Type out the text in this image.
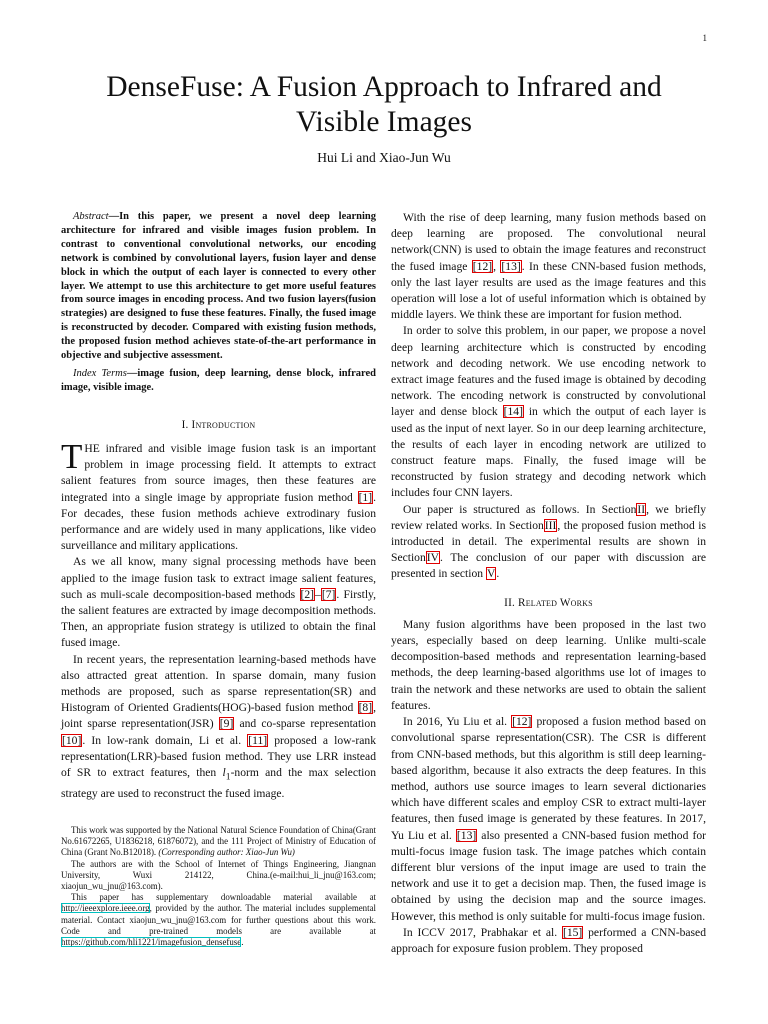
1
DenseFuse: A Fusion Approach to Infrared and
Visible Images
Hui Li and Xiao-Jun Wu

Abstract—In this paper, we present a novel deep learning architecture for infrared and visible images fusion problem. In contrast to conventional convolutional networks, our encoding network is combined by convolutional layers, fusion layer and dense block in which the output of each layer is connected to every other layer. We attempt to use this architecture to get more useful features from source images in encoding process. And two fusion layers(fusion strategies) are designed to fuse these features. Finally, the fused image is reconstructed by decoder. Compared with existing fusion methods, the proposed fusion method achieves state-of-the-art performance in objective and subjective assessment.

Index Terms—image fusion, deep learning, dense block, infrared image, visible image.

I. Introduction

THE infrared and visible image fusion task is an important problem in image processing field. It attempts to extract salient features from source images, then these features are integrated into a single image by appropriate fusion method [1]. For decades, these fusion methods achieve extrodinary fusion performance and are widely used in many applications, like video surveillance and military applications.

As we all know, many signal processing methods have been applied to the image fusion task to extract image salient features, such as muli-scale decomposition-based methods [2]–[7]. Firstly, the salient features are extracted by image decomposition methods. Then, an appropriate fusion strategy is utilized to obtain the final fused image.

In recent years, the representation learning-based methods have also attracted great attention. In sparse domain, many fusion methods are proposed, such as sparse representation(SR) and Histogram of Oriented Gradients(HOG)-based fusion method [8], joint sparse representation(JSR) [9] and co-sparse representation [10]. In low-rank domain, Li et al. [11] proposed a low-rank representation(LRR)-based fusion method. They use LRR instead of SR to extract features, then $l_1$-norm and the max selection strategy are used to reconstruct the fused image.

This work was supported by the National Natural Science Foundation of China(Grant No.61672265, U1836218, 61876072), and the 111 Project of Ministry of Education of China (Grant No.B12018). (Corresponding author: Xiao-Jun Wu)

The authors are with the School of Internet of Things Engineering, Jiangnan University, Wuxi 214122, China.(e-mail:hui_li_jnu@163.com; xiaojun_wu_jnu@163.com).

This paper has supplementary downloadable material available at http://ieeexplore.ieee.org, provided by the author. The material includes supplemental material. Contact xiaojun_wu_jnu@163.com for further questions about this work. Code and pre-trained models are available at https://github.com/hli1221/imagefusion_densefuse.

With the rise of deep learning, many fusion methods based on deep learning are proposed. The convolutional neural network(CNN) is used to obtain the image features and reconstruct the fused image [12], [13]. In these CNN-based fusion methods, only the last layer results are used as the image features and this operation will lose a lot of useful information which is obtained by middle layers. We think these are important for fusion method.

In order to solve this problem, in our paper, we propose a novel deep learning architecture which is constructed by encoding network and decoding network. We use encoding network to extract image features and the fused image is obtained by decoding network. The encoding network is constructed by convolutional layer and dense block [14] in which the output of each layer is used as the input of next layer. So in our deep learning architecture, the results of each layer in encoding network are utilized to construct feature maps. Finally, the fused image will be reconstructed by fusion strategy and decoding network which includes four CNN layers.

Our paper is structured as follows. In SectionII, we briefly review related works. In SectionIII, the proposed fusion method is introducted in detail. The experimental results are shown in SectionIV. The conclusion of our paper with discussion are presented in section V.

II. Related Works

Many fusion algorithms have been proposed in the last two years, especially based on deep learning. Unlike multi-scale decomposition-based methods and representation learning-based methods, the deep learning-based algorithms use lot of images to train the network and these networks are used to obtain the salient features.

In 2016, Yu Liu et al. [12] proposed a fusion method based on convolutional sparse representation(CSR). The CSR is different from CNN-based methods, but this algorithm is still deep learning-based algorithm, because it also extracts the deep features. In this method, authors use source images to learn several dictionaries which have different scales and employ CSR to extract multi-layer features, then fused image is generated by these features. In 2017, Yu Liu et al. [13] also presented a CNN-based fusion method for multi-focus image fusion task. The image patches which contain different blur versions of the input image are used to train the network and use it to get a decision map. Then, the fused image is obtained by using the decision map and the source images. However, this method is only suitable for multi-focus image fusion.

In ICCV 2017, Prabhakar et al. [15] performed a CNN-based approach for exposure fusion problem. They proposed
